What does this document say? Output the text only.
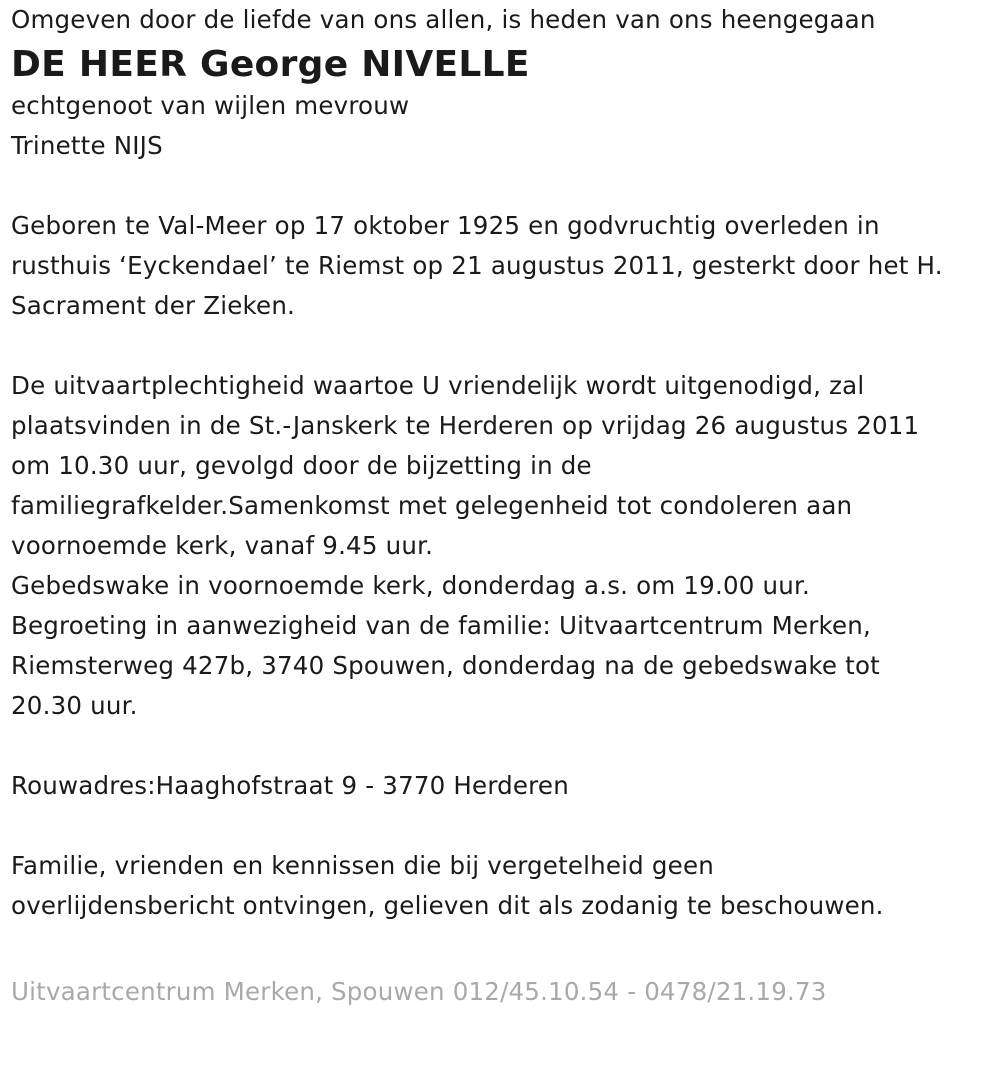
Omgeven door de liefde van ons allen, is heden van ons heengegaan
DE HEER George NIVELLE
echtgenoot van wijlen mevrouw
Trinette NIJS
Geboren te Val-Meer op 17 oktober 1925 en godvruchtig overleden in
rusthuis ‘Eyckendael’ te Riemst op 21 augustus 2011, gesterkt door het H.
Sacrament der Zieken.
De uitvaartplechtigheid waartoe U vriendelijk wordt uitgenodigd, zal
plaatsvinden in de St.-Janskerk te Herderen op vrijdag 26 augustus 2011
om 10.30 uur, gevolgd door de bijzetting in de
familiegrafkelder.Samenkomst met gelegenheid tot condoleren aan
voornoemde kerk, vanaf 9.45 uur.
Gebedswake in voornoemde kerk, donderdag a.s. om 19.00 uur.
Begroeting in aanwezigheid van de familie: Uitvaartcentrum Merken,
Riemsterweg 427b, 3740 Spouwen, donderdag na de gebedswake tot
20.30 uur.
Rouwadres:Haaghofstraat 9 - 3770 Herderen
Familie, vrienden en kennissen die bij vergetelheid geen
overlijdensbericht ontvingen, gelieven dit als zodanig te beschouwen.
Uitvaartcentrum Merken, Spouwen 012/45.10.54 - 0478/21.19.73
